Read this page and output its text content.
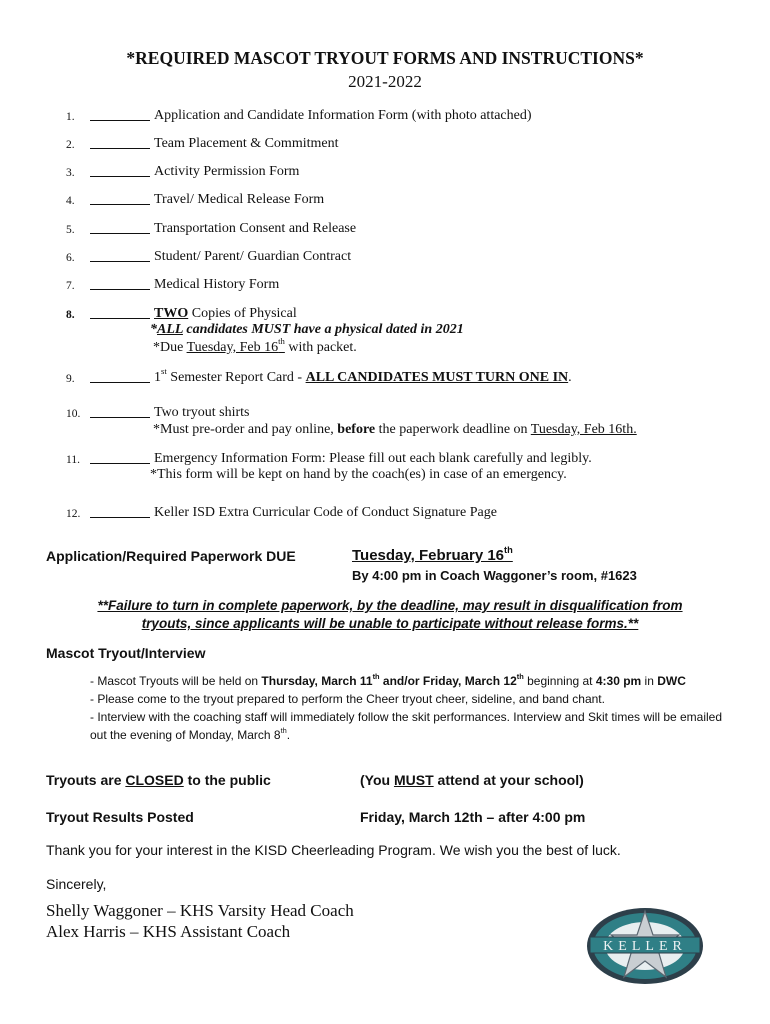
*REQUIRED MASCOT TRYOUT FORMS AND INSTRUCTIONS*
2021-2022
1.	Application and Candidate Information Form (with photo attached)
2.	Team Placement & Commitment
3.	Activity Permission Form
4.	Travel/ Medical Release Form
5.	Transportation Consent and Release
6.	Student/ Parent/ Guardian Contract
7.	Medical History Form
8.	TWO Copies of Physical
*ALL candidates MUST have a physical dated in 2021
*Due Tuesday, Feb 16th with packet.
9.	1st Semester Report Card - ALL CANDIDATES MUST TURN ONE IN.
10.	Two tryout shirts
*Must pre-order and pay online, before the paperwork deadline on Tuesday, Feb 16th.
11.	Emergency Information Form: Please fill out each blank carefully and legibly.
*This form will be kept on hand by the coach(es) in case of an emergency.
12.	Keller ISD Extra Curricular Code of Conduct Signature Page
Application/Required Paperwork DUE	Tuesday, February 16th
By 4:00 pm in Coach Waggoner’s room, #1623
**Failure to turn in complete paperwork, by the deadline, may result in disqualification from
tryouts, since applicants will be unable to participate without release forms.**
Mascot Tryout/Interview
- Mascot Tryouts will be held on Thursday, March 11th and/or Friday, March 12th beginning at 4:30 pm in DWC
- Please come to the tryout prepared to perform the Cheer tryout cheer, sideline, and band chant.
- Interview with the coaching staff will immediately follow the skit performances. Interview and Skit times will be emailed out the evening of Monday, March 8th.
Tryouts are CLOSED to the public	(You MUST attend at your school)
Tryout Results Posted	Friday, March 12th – after 4:00 pm
Thank you for your interest in the KISD Cheerleading Program. We wish you the best of luck.
Sincerely,
Shelly Waggoner – KHS Varsity Head Coach
Alex Harris – KHS Assistant Coach
KELLER
